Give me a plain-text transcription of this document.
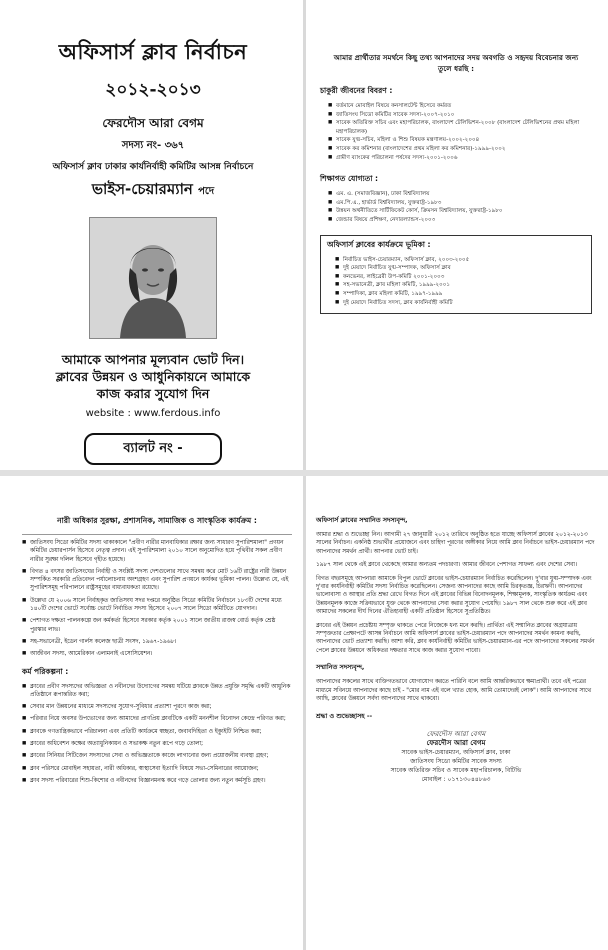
অফিসার্স ক্লাব নির্বাচন
২০১২-২০১৩
ফেরদৌস আরা বেগম
সদস্য নং- ৩৬৭
অফিসার্স ক্লাব ঢাকার কার্যনির্বাহী কমিটির আসন্ন নির্বাচনে
ভাইস-চেয়ারম্যান পদে
আমাকে আপনার মূল্যবান ভোট দিন।
ক্লাবের উন্নয়ন ও আধুনিকায়নে আমাকে
কাজ করার সুযোগ দিন
website : www.ferdous.info
ব্যালট নং -
আমার প্রার্থীতার সমর্থনে কিছু তথ্য আপনাদের সদয় অবগতি ও সহৃদয় বিবেচনার জন্য তুলে ধরছি :
চাকুরী জীবনের বিবরণ :
■ বর্তমানে মোবাইল বিষয়ে কনসালটেন্ট হিসেবে কর্মরত
■ জাতিসংঘ সিডো কমিটির সাবেক সদস্য-২০০৭-২০১০
■ সাবেক অতিরিক্ত সচিব এবং মহাপরিচালক, বাংলাদেশ টেলিভিশন-২০০৮ (বাংলাদেশ টেলিভিশনের প্রথম মহিলা মহাপরিচালক)
■ সাবেক যুগ্ম-সচিব, মহিলা ও শিশু বিষয়ক মন্ত্রণালয়-২০০২-২০০৪
■ সাবেক কর কমিশনার (বাংলাদেশের প্রথম মহিলা কর কমিশনার)-১৯৯৯-২০০২
■ গ্রামীণ ব্যাংকের পরিচালনা পর্ষদের সদস্য-২০০১-২০০৬
শিক্ষাগত যোগ্যতা :
■ এম. এ. (সমাজবিজ্ঞান), ঢাকা বিশ্ববিদ্যালয়
■ এম.পি.এ., হার্ভার্ড বিশ্ববিদ্যালয়, যুক্তরাষ্ট্র-১৯৮৩
■ উন্নয়ন অর্থনীতিতে সার্টিফিকেট কোর্স, ক্রিমসন বিশ্ববিদ্যালয়, যুক্তরাষ্ট্র-১৯৮০
■ জেন্ডার বিষয়ে প্রশিক্ষণ, নেদারল্যান্ডস-২০০৩
অফিসার্স ক্লাবের কার্যক্রমে ভূমিকা :
■ নির্বাচিত ভাইস-চেয়ারম্যান, অফিসার্স ক্লাব, ২০০৩-২০০৫
■ দুই মেয়াদে নির্বাচিত যুগ্ম-সম্পাদক, অফিসার্স ক্লাব
■ কনভেনর, লাইব্রেরী উপ-কমিটি ২০০১-২০০৩
■ সহ-সভানেত্রী, ক্লাব মহিলা কমিটি, ১৯৯৯-২০০১
■ সম্পাদিকা, ক্লাব মহিলা কমিটি, ১৯৯৭-১৯৯৯
■ দুই মেয়াদে নির্বাচিত সদস্য, ক্লাব কার্যনির্বাহী কমিটি
নারী অধিকার সুরক্ষা, প্রশাসনিক, সামাজিক ও সাংস্কৃতিক কার্যক্রম :
■ জাতিসংঘ সিডো কমিটির সদস্য থাকাকালে "প্রবীণ নারীর মানবাধিকার রক্ষার জন্য সাধারণ সুপারিশমালা" প্রণয়ন কমিটির চেয়ারপার্সন হিসেবে নেতৃত্ব প্রদান। এই সুপারিশমালা ২০১০ সালে অনুমোদিত হয়ে পৃথিবীর সকল প্রবীণ নারীর সুরক্ষা দলিল হিসেবে গৃহীত হয়েছে।
■ বিগত ৪ বৎসর জাতিসংঘের নির্বাহী ও সংশ্লিষ্ট সদস্য দেশগুলোর সাথে সমন্বয় করে মোট ১৬টি রাষ্ট্রের নারী উন্নয়ন সম্পর্কিত সরকারি প্রতিবেদন পর্যালোচনায় অংশগ্রহণ এবং সুপারিশ প্রণয়নে কার্যকর ভূমিকা পালন। উল্লেখ্য যে, এই সুপারিশসমূহ পরিপালনে রাষ্ট্রসমূহের বাধ্যবাধকতা রয়েছে।
■ উল্লেখ্য যে ২০০৬ সালে নির্বাহকৃত জাতিসংঘ সদর দপ্তরে অনুষ্ঠিত সিডো কমিটির নির্বাচনে ১৮৩টি দেশের মধ্যে ১৪০টি দেশের ভোটে সর্বোচ্চ ভোটে নির্বাচিত সদস্য হিসেবে ২০০৭ সালে সিডো কমিটিতে যোগদান।
■ পেশাগত দক্ষতা পালনকল্পে জন কর্মকর্তা হিসেবে সরকার কর্তৃক ২০০১ সালে জাতীয় রাজস্ব বোর্ড কর্তৃক শ্রেষ্ঠ পুরস্কার লাভ।
■ সহ-সভানেত্রী, ইডেন গার্লস কলেজ ছাত্রী সংসদ, ১৯৬৭-১৯৬৮।
■ আজীবন সদস্য, আমেরিকান এলামনাই এসোসিয়েশন।
কর্ম পরিকল্পনা :
■ ক্লাবের প্রবীণ সদস্যদের অভিজ্ঞতা ও নবীনদের উদ্যোগের সমন্বয় ঘটিয়ে ক্লাবকে উন্নত প্রযুক্তি সমৃদ্ধি একটি আধুনিক প্রতিষ্ঠানে রূপান্তরিত করা;
■ সেবার মান উন্নয়নের মাধ্যমে সদস্যদের সুযোগ-সুবিধার প্রত্যাশা পূরণে কাজ করা;
■ পরিবার নিয়ে অবসর উপভোগের জন্য আমাদের প্রাণপ্রিয় ক্লাবটিকে একটি মননশীল বিনোদন কেন্দ্রে পরিণত করা;
■ ক্লাবকে গণতান্ত্রিকভাবে পরিচালনা এবং প্রতিটি কার্যক্রমে স্বচ্ছতা, জবাবদিহিতা ও ইক্যুইটি নিশ্চিত করা;
■ ক্লাবের অধিবেশন কক্ষের অত্যাধুনিকায়ন ও সভাকক্ষ নতুন রূপে গড়ে তোলা;
■ ক্লাবের সিনিয়র সিটিজেন সদস্যদের সেবা ও অভিজ্ঞতাকে কাজে লাগানোর জন্য প্রয়োজনীয় ব্যবস্থা গ্রহণ;
■ ক্লাব পরিসরে মোবাইল সহায়তা, নারী অধিকার, স্বাস্থ্যসেবা ইত্যাদি বিষয়ে সভা-সেমিনারের আয়োজন;
■ ক্লাব সদস্য পরিবারের শিশু-কিশোর ও নবীনদের বিজ্ঞানমনস্ক করে গড়ে তোলার জন্য নতুন কর্মসূচি গ্রহণ।
অফিসার্স ক্লাবের সম্মানিত সদস্যবৃন্দ,
আমার শ্রদ্ধা ও শুভেচ্ছা নিন। আগামী ২৭ জানুয়ারী ২০১২ তারিখে অনুষ্ঠিত হতে যাচ্ছে অফিসার্স ক্লাবের ২০১২-২০১৩ সালের নির্বাচন। একনিষ্ঠ শুভার্থীর প্রয়োজনে এবং চাহিদা পূরণের অঙ্গীকার নিয়ে আমি ক্লাব নির্বাচনে ভাইস-চেয়ারম্যান পদে আপনাদের সমর্থন প্রার্থী। আপনার ভোট চাই।
১৯৮৭ সাল থেকে এই ক্লাবে থেকেছে আমার অন্যতম পদচারণা। আমার জীবনে পেশাগত সাফল্য এবং দেশের সেবা।
বিগত বছরসমূহে আপনারা আমাকে বিপুল ভোটে ক্লাবের ভাইস-চেয়ারম্যান নির্বাচিত করেছিলেন। দু'বার যুগ্ম-সম্পাদক এবং দু'বার কার্যনির্বাহী কমিটির সদস্য নির্বাচিত করেছিলেন। সেজন্য আপনাদের কাছে আমি চিরকৃতজ্ঞ, চিরঋণী। আপনাদের ভালোবাসা ও আস্থার প্রতি শ্রদ্ধা রেখে বিগত দিনে এই ক্লাবের বিভিন্ন বিনোদনমূলক, শিক্ষামূলক, সাংস্কৃতিক কার্যক্রম এবং উন্নয়নমূলক কাজে সক্রিয়ভাবে যুক্ত থেকে আপনাদের সেবা করার সুযোগ পেয়েছি। ১৯৮৭ সাল থেকে শুরু করে এই ক্লাব আমাদের সকলের দীর্ঘ দিনের ঐতিহ্যবাহী একটি প্রতিষ্ঠান হিসেবে সুপ্রতিষ্ঠিত।
ক্লাবের এই উন্নয়ন প্রচেষ্টায় সম্পৃক্ত থাকতে পেরে নিজেকে ধন্য মনে করছি। প্রার্থিতা এই সন্মানিত ক্লাবের অগ্রযাত্রায় সম্পৃক্ততার প্রেক্ষাপটে আসন্ন নির্বাচনে আমি অফিসার্স ক্লাবের ভাইস-চেয়ারম্যান পদে আপনাদের সমর্থন কামনা করছি, আপনাদের ভোট প্রত্যাশা করছি। আশা করি, ক্লাব কার্যনির্বাহী কমিটির ভাইস-চেয়ারম্যান-এর পদে আপনাদের সকলের সমর্থন পেলে ক্লাবের উন্নয়নে অধিকতর দক্ষতার সাথে কাজ করার সুযোগ পাবো।
সম্মানিত সদস্যবৃন্দ,
আপনাদের সকলের সাথে ব্যক্তিগতভাবে যোগাযোগ করতে পারিনি বলে আমি আন্তরিকভাবে ক্ষমাপ্রার্থী। তবে এই পত্রের মাধ্যমে সবিনয়ে আপনাদের কাছে চাই - "মোর নাম এই বলে খ্যাত হোক, আমি তোমাদেরই লোক"। আমি আপনাদের সাথে আছি, ক্লাবের উন্নয়নে সর্বদা আপনাদের সাথে থাকবো।
শ্রদ্ধা ও শুভেচ্ছাসহ --
ফেরদৌস আরা বেগম
ফেরদৌস আরা বেগম
সাবেক ভাইস-চেয়ারম্যান, অফিসার্স ক্লাব, ঢাকা
জাতিসংঘ সিডো কমিটির সাবেক সদস্য
সাবেক অতিরিক্ত সচিব ও সাবেক মহাপরিচালক, বিটিভি
মোবাইল : ০১৭১৩০৪৪৮৬৩
